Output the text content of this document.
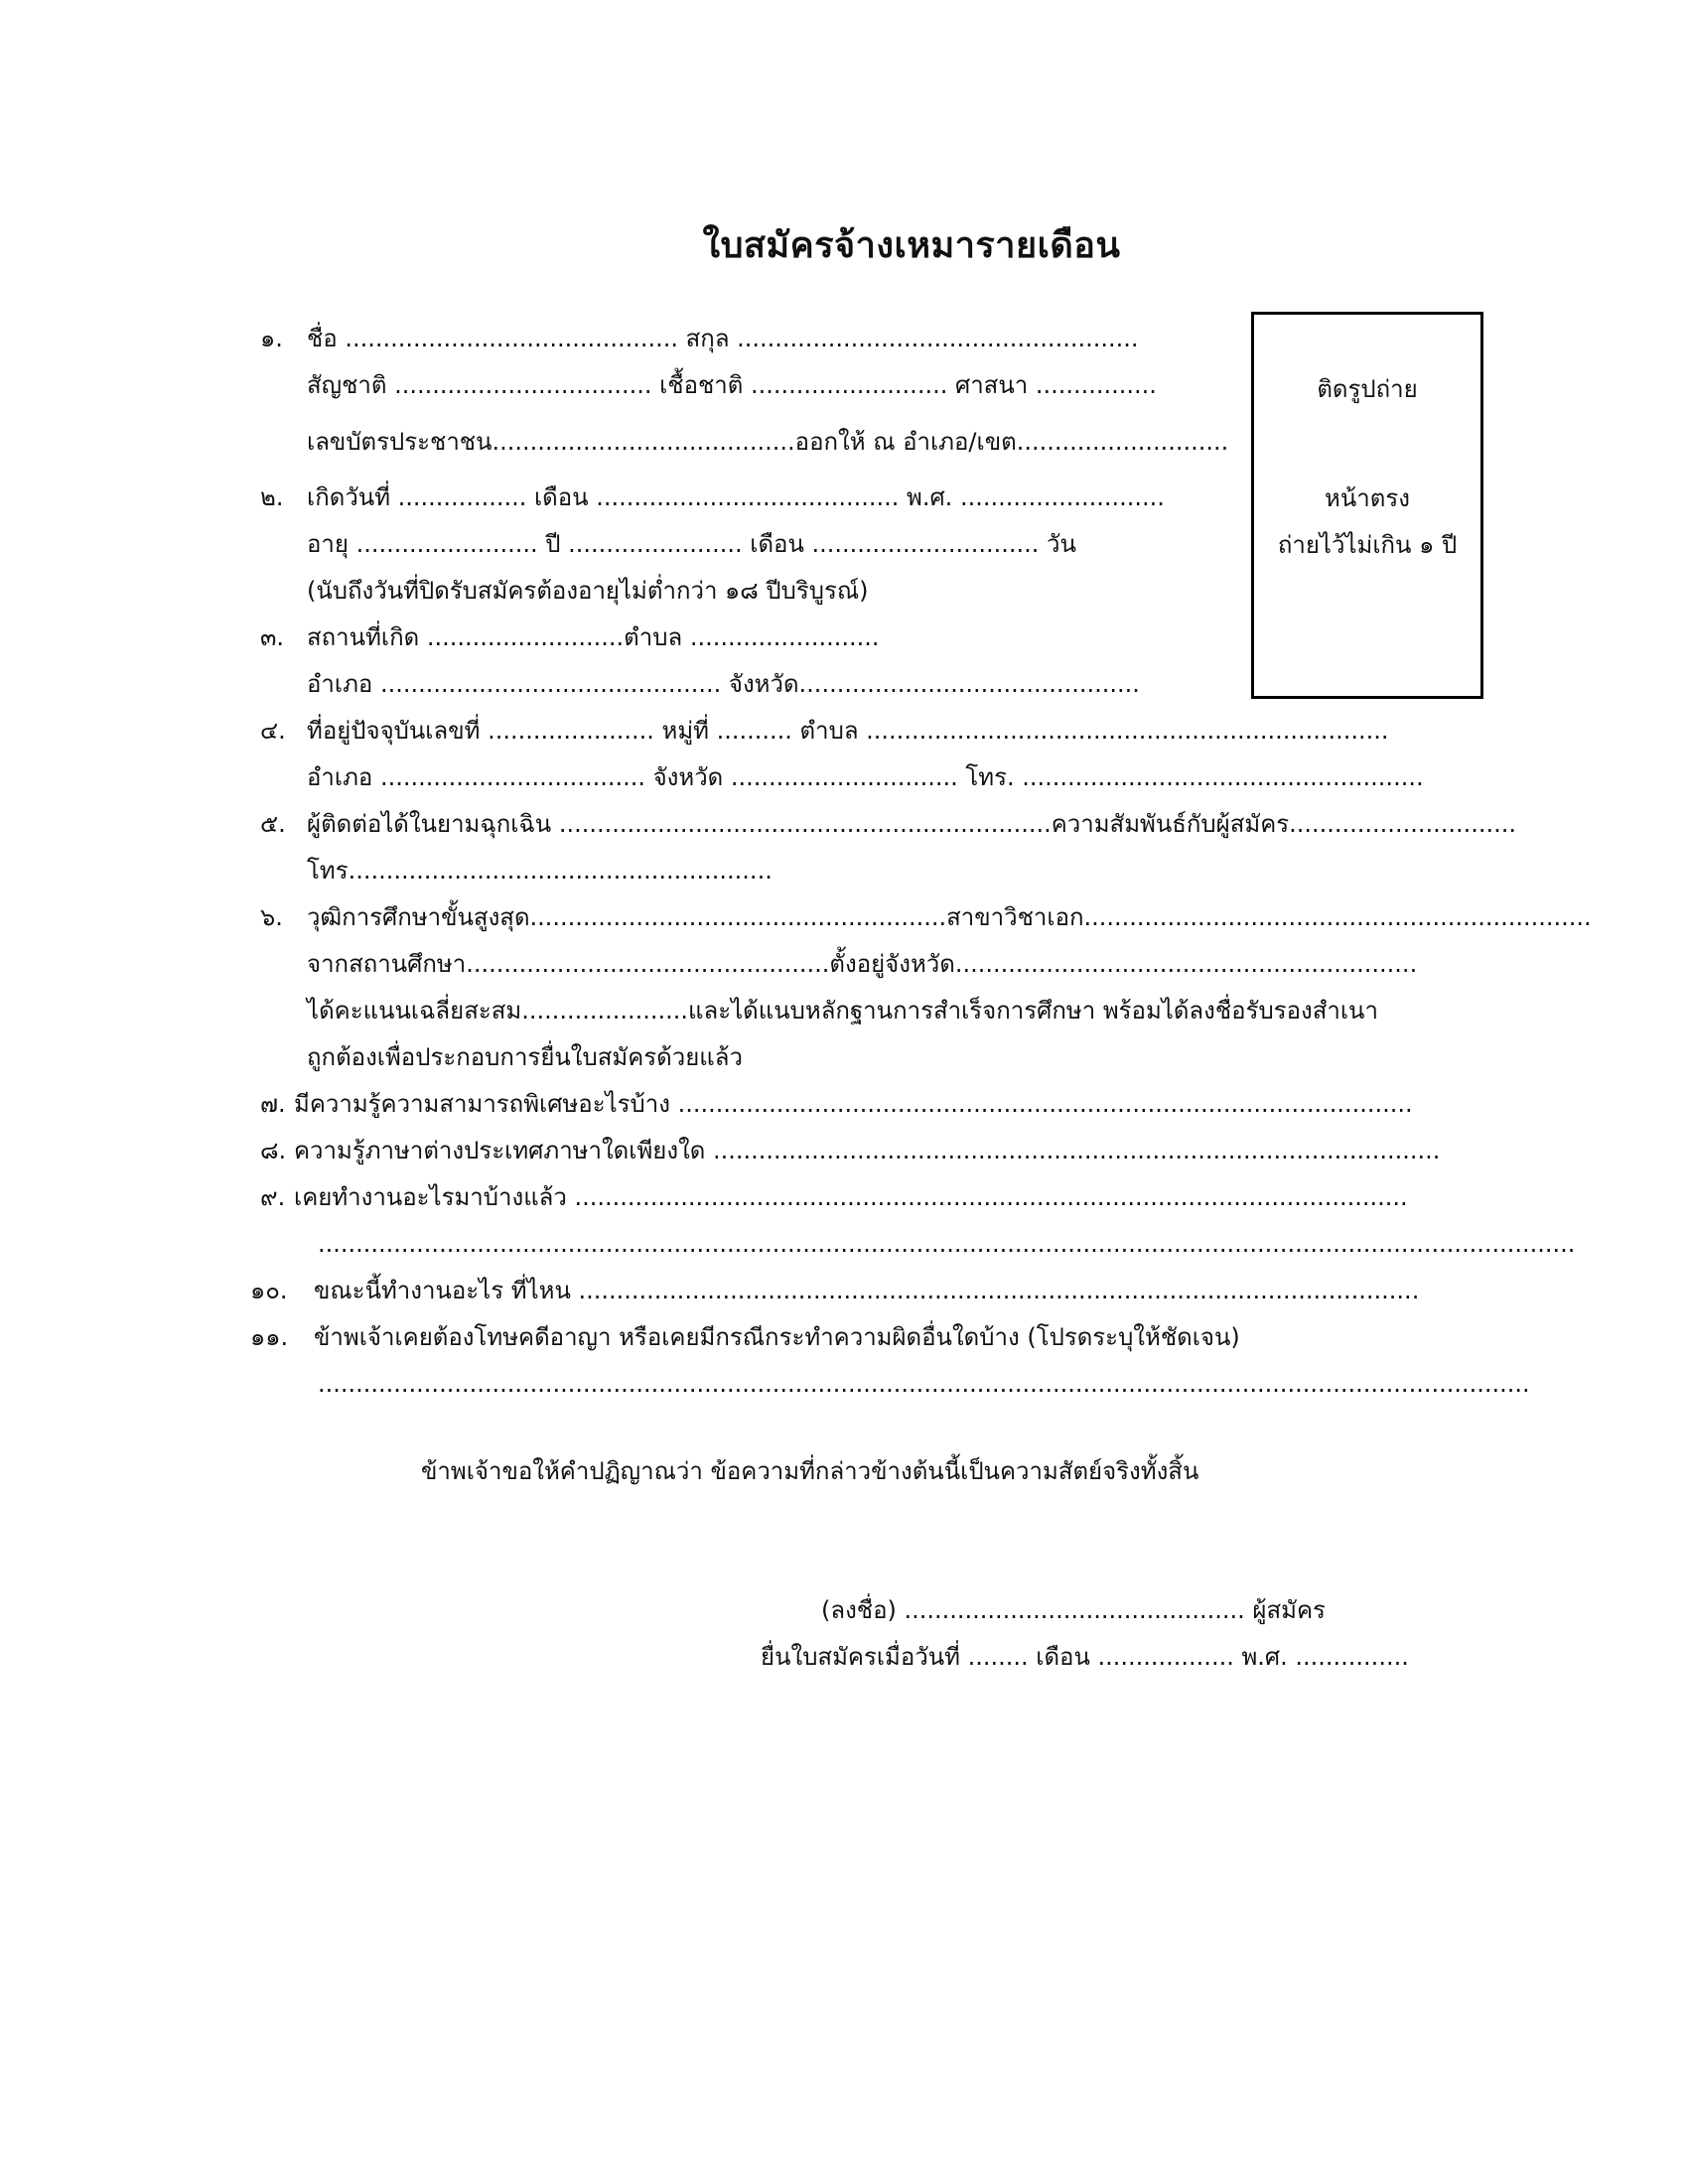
ใบสมัครจ้างเหมารายเดือน
ติดรูปถ่าย
หน้าตรง
ถ่ายไว้ไม่เกิน ๑ ปี
๑. ชื่อ ............................................ สกุล .....................................................
สัญชาติ .................................. เชื้อชาติ .......................... ศาสนา ................
เลขบัตรประชาชน........................................ออกให้ ณ อำเภอ/เขต............................
๒. เกิดวันที่ ................. เดือน ........................................ พ.ศ. ...........................
อายุ ........................ ปี ....................... เดือน .............................. วัน
(นับถึงวันที่ปิดรับสมัครต้องอายุไม่ต่ำกว่า ๑๘ ปีบริบูรณ์)
๓. สถานที่เกิด ..........................ตำบล .........................
อำเภอ ............................................. จังหวัด.............................................
๔. ที่อยู่ปัจจุบันเลขที่ ...................... หมู่ที่ .......... ตำบล .....................................................................
อำเภอ ................................... จังหวัด .............................. โทร. .....................................................
๕. ผู้ติดต่อได้ในยามฉุกเฉิน .................................................................ความสัมพันธ์กับผู้สมัคร..............................
โทร........................................................
๖. วุฒิการศึกษาขั้นสูงสุด.......................................................สาขาวิชาเอก...................................................................
จากสถานศึกษา................................................ตั้งอยู่จังหวัด.............................................................
ได้คะแนนเฉลี่ยสะสม......................และได้แนบหลักฐานการสำเร็จการศึกษา พร้อมได้ลงชื่อรับรองสำเนา
ถูกต้องเพื่อประกอบการยื่นใบสมัครด้วยแล้ว
๗. มีความรู้ความสามารถพิเศษอะไรบ้าง .................................................................................................
๘. ความรู้ภาษาต่างประเทศภาษาใดเพียงใด ................................................................................................
๙. เคยทำงานอะไรมาบ้างแล้ว ..............................................................................................................
......................................................................................................................................................................
๑๐. ขณะนี้ทำงานอะไร ที่ไหน ...............................................................................................................
๑๑. ข้าพเจ้าเคยต้องโทษคดีอาญา หรือเคยมีกรณีกระทำความผิดอื่นใดบ้าง (โปรดระบุให้ชัดเจน)
................................................................................................................................................................
ข้าพเจ้าขอให้คำปฏิญาณว่า ข้อความที่กล่าวข้างต้นนี้เป็นความสัตย์จริงทั้งสิ้น
(ลงชื่อ) ............................................. ผู้สมัคร
ยื่นใบสมัครเมื่อวันที่ ........ เดือน .................. พ.ศ. ...............
